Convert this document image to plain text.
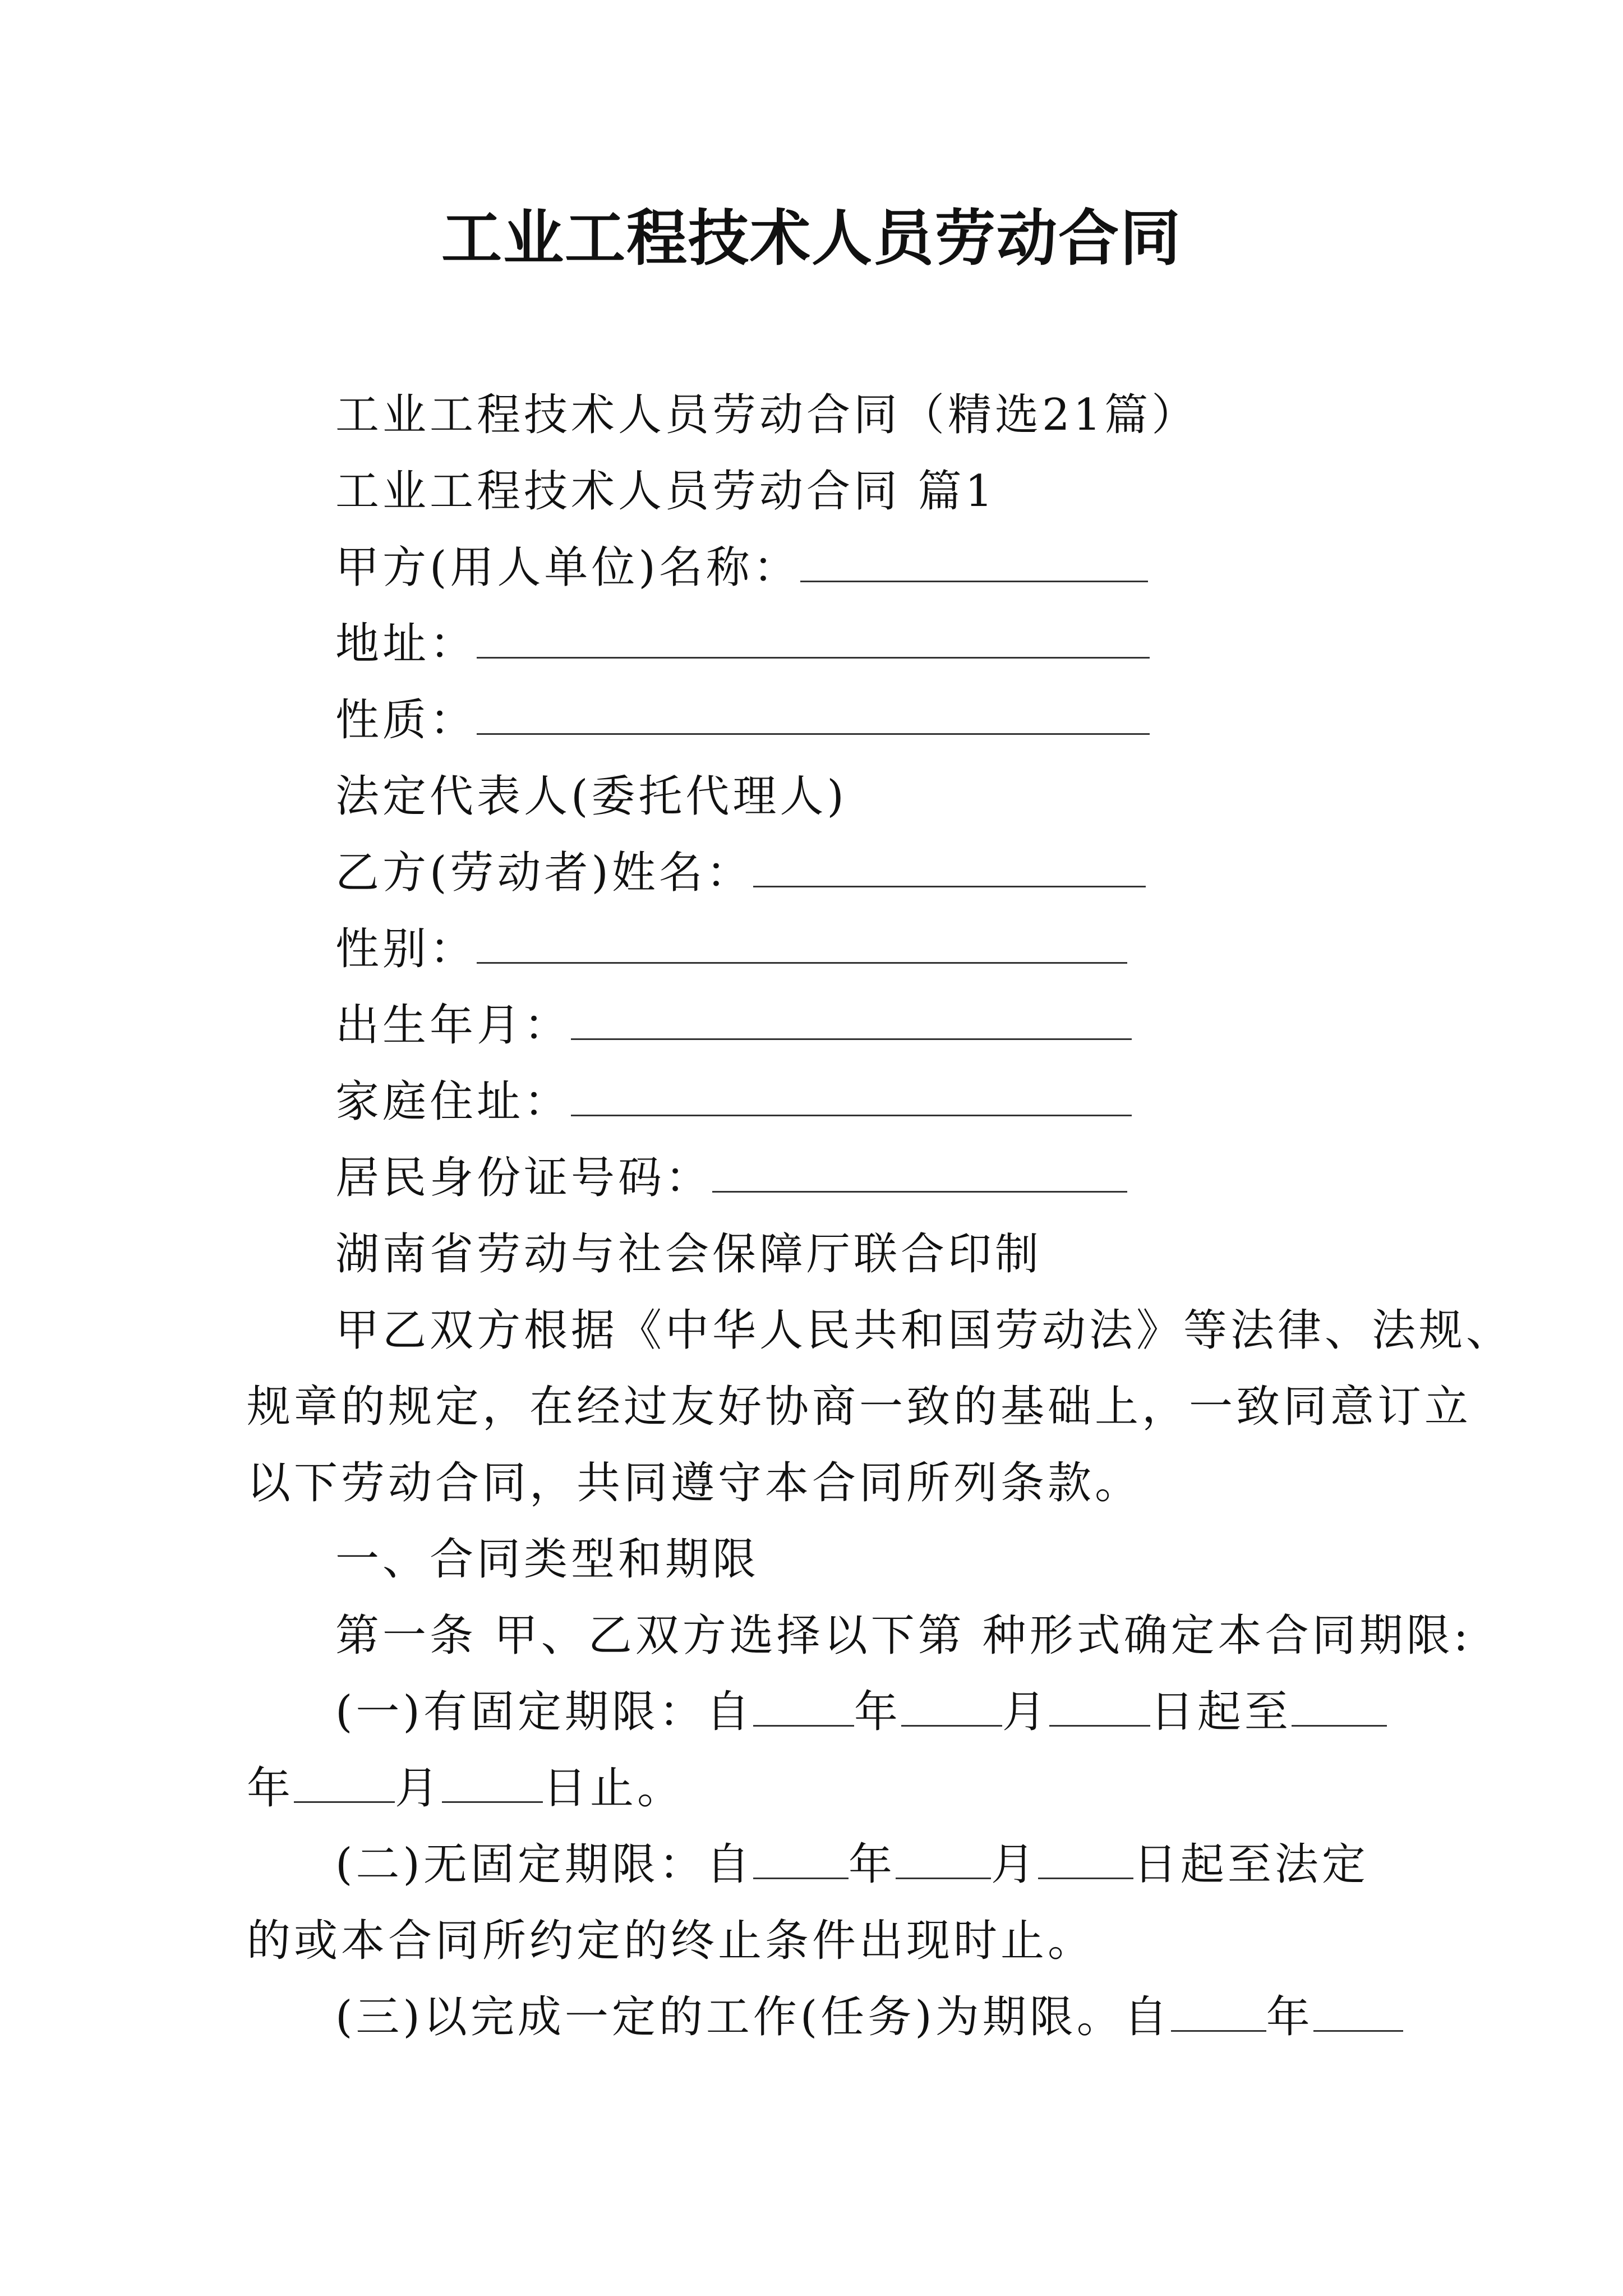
工业工程技术人员劳动合同
工业工程技术人员劳动合同（精选21篇）
工业工程技术人员劳动合同 篇1
甲方(用人单位)名称：
地址：
性质：
法定代表人(委托代理人)
乙方(劳动者)姓名：
性别：
出生年月：
家庭住址：
居民身份证号码：
湖南省劳动与社会保障厅联合印制
甲乙双方根据《中华人民共和国劳动法》等法律、法规、
规章的规定，在经过友好协商一致的基础上，一致同意订立
以下劳动合同，共同遵守本合同所列条款。
一、合同类型和期限
第一条 甲、乙双方选择以下第 种形式确定本合同期限:
(一)有固定期限：自 年 月 日起至
年 月 日止。
(二)无固定期限：自 年 月 日起至法定
的或本合同所约定的终止条件出现时止。
(三)以完成一定的工作(任务)为期限。自 年
